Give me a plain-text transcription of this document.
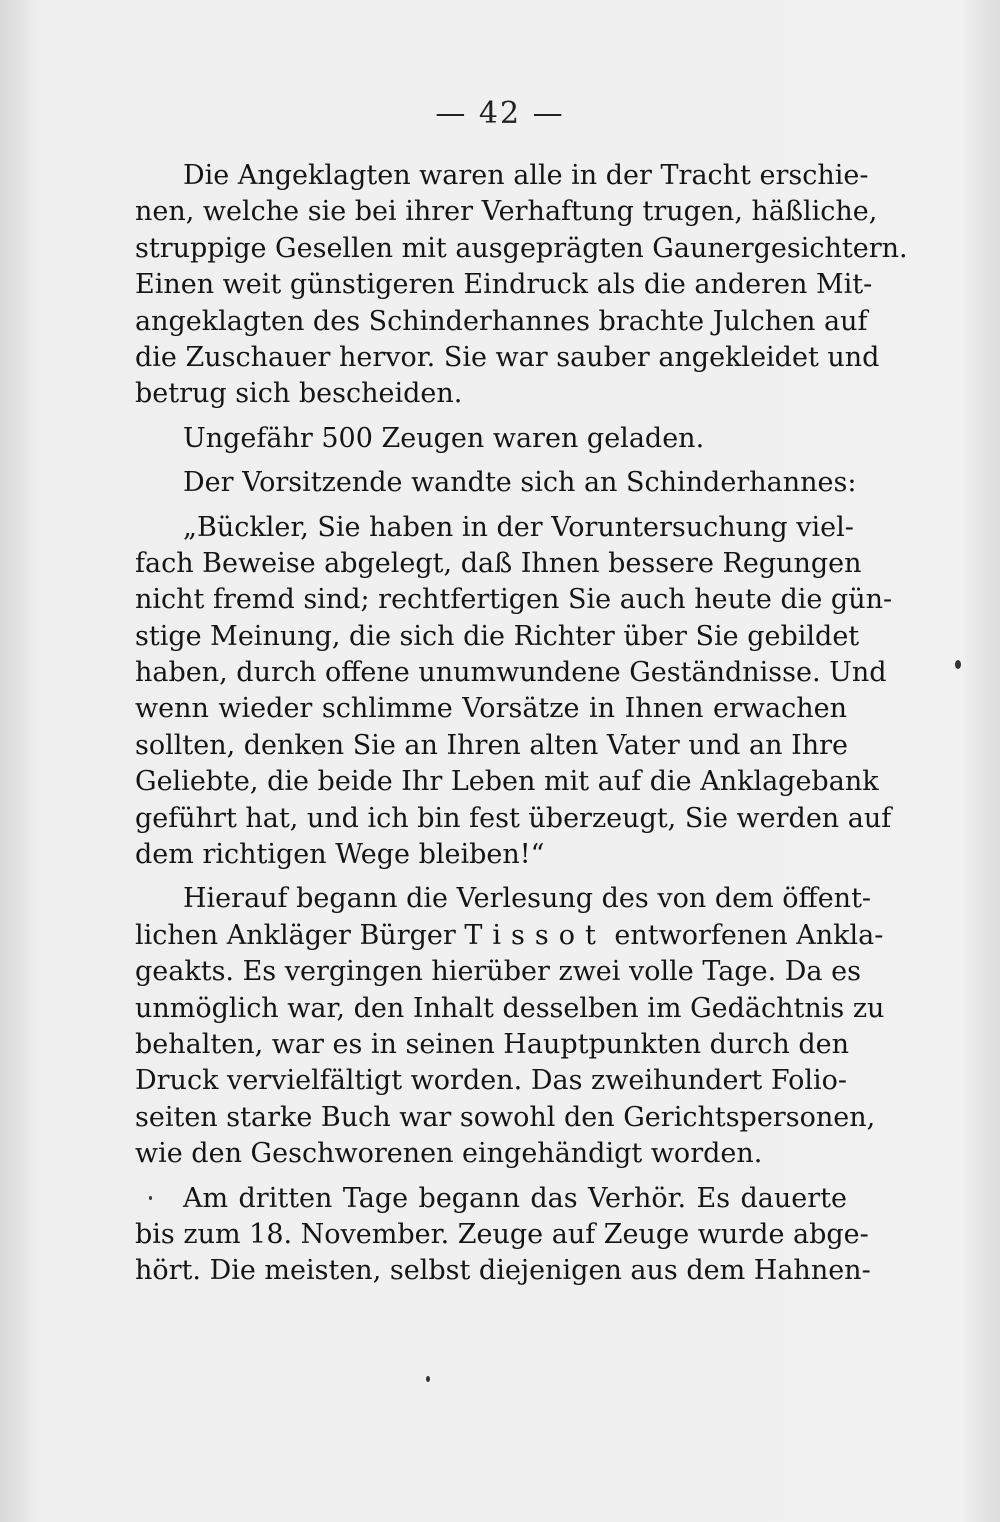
— 42 —
Die Angeklagten waren alle in der Tracht erschie-
nen, welche sie bei ihrer Verhaftung trugen, häßliche,
struppige Gesellen mit ausgeprägten Gaunergesichtern.
Einen weit günstigeren Eindruck als die anderen Mit-
angeklagten des Schinderhannes brachte Julchen auf
die Zuschauer hervor. Sie war sauber angekleidet und
betrug sich bescheiden.
Ungefähr 500 Zeugen waren geladen.
Der Vorsitzende wandte sich an Schinderhannes:
„Bückler, Sie haben in der Voruntersuchung viel-
fach Beweise abgelegt, daß Ihnen bessere Regungen
nicht fremd sind; rechtfertigen Sie auch heute die gün-
stige Meinung, die sich die Richter über Sie gebildet
haben, durch offene unumwundene Geständnisse. Und
wenn wieder schlimme Vorsätze in Ihnen erwachen
sollten, denken Sie an Ihren alten Vater und an Ihre
Geliebte, die beide Ihr Leben mit auf die Anklagebank
geführt hat, und ich bin fest überzeugt, Sie werden auf
dem richtigen Wege bleiben!“
Hierauf begann die Verlesung des von dem öffent-
lichen Ankläger Bürger Tissot entworfenen Ankla-
geakts. Es vergingen hierüber zwei volle Tage. Da es
unmöglich war, den Inhalt desselben im Gedächtnis zu
behalten, war es in seinen Hauptpunkten durch den
Druck vervielfältigt worden. Das zweihundert Folio-
seiten starke Buch war sowohl den Gerichtspersonen,
wie den Geschworenen eingehändigt worden.
Am dritten Tage begann das Verhör. Es dauerte
bis zum 18. November. Zeuge auf Zeuge wurde abge-
hört. Die meisten, selbst diejenigen aus dem Hahnen-
